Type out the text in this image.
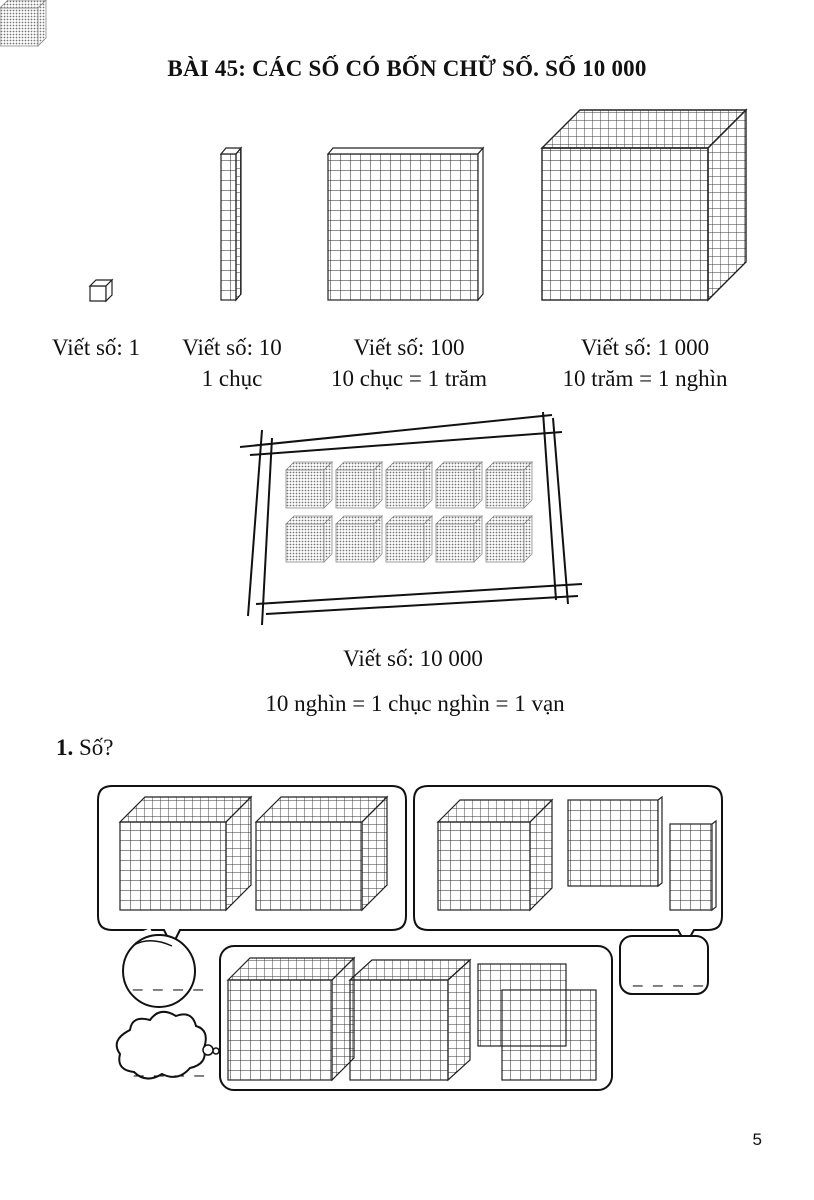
BÀI 45: CÁC SỐ CÓ BỐN CHỮ SỐ. SỐ 10 000
Viết số: 1 Viết số: 10
1 chục
Viết số: 100
10 chục = 1 trăm
Viết số: 1 000
10 trăm = 1 nghìn
Viết số: 10 000
10 nghìn = 1 chục nghìn = 1 vạn
1. Số?
_ _ _ _	_ _ _ _
_ _ _ _
5
